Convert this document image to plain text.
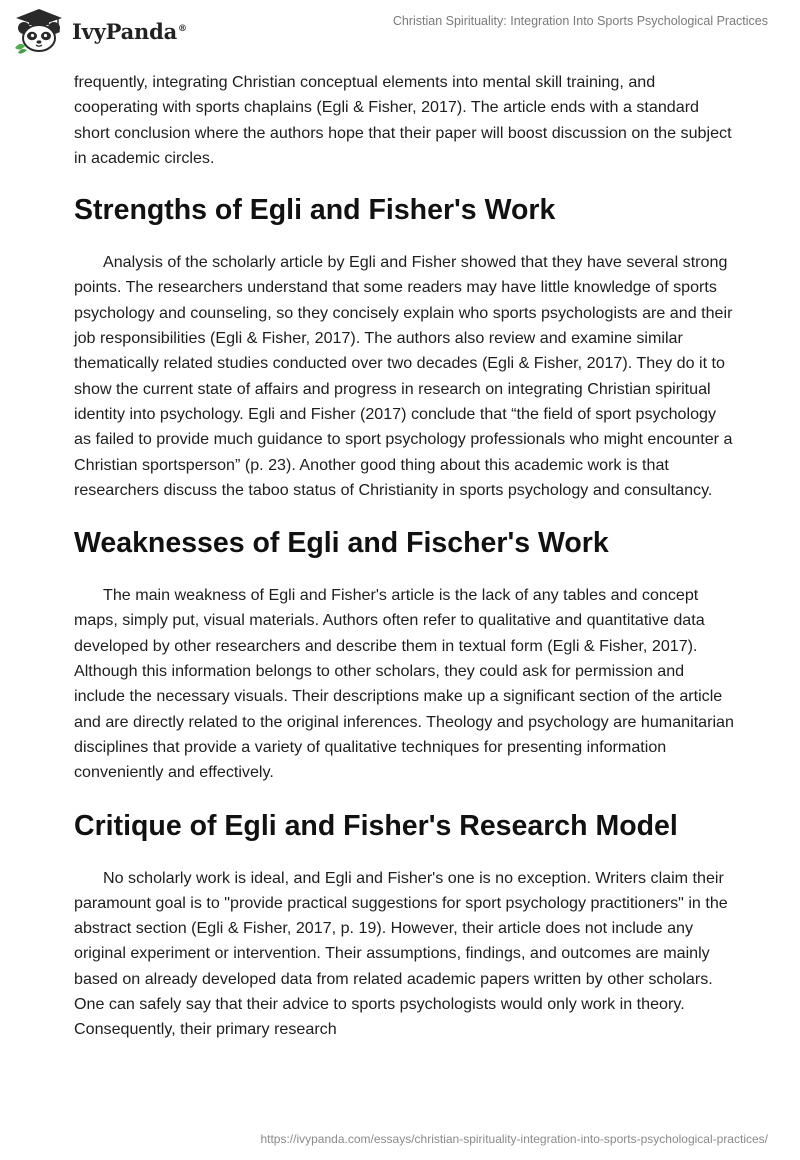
IvyPanda®
Christian Spirituality: Integration Into Sports Psychological Practices

frequently, integrating Christian conceptual elements into mental skill training, and cooperating with sports chaplains (Egli & Fisher, 2017). The article ends with a standard short conclusion where the authors hope that their paper will boost discussion on the subject in academic circles.

Strengths of Egli and Fisher's Work

Analysis of the scholarly article by Egli and Fisher showed that they have several strong points. The researchers understand that some readers may have little knowledge of sports psychology and counseling, so they concisely explain who sports psychologists are and their job responsibilities (Egli & Fisher, 2017). The authors also review and examine similar thematically related studies conducted over two decades (Egli & Fisher, 2017). They do it to show the current state of affairs and progress in research on integrating Christian spiritual identity into psychology. Egli and Fisher (2017) conclude that “the field of sport psychology as failed to provide much guidance to sport psychology professionals who might encounter a Christian sportsperson” (p. 23). Another good thing about this academic work is that researchers discuss the taboo status of Christianity in sports psychology and consultancy.

Weaknesses of Egli and Fischer's Work

The main weakness of Egli and Fisher's article is the lack of any tables and concept maps, simply put, visual materials. Authors often refer to qualitative and quantitative data developed by other researchers and describe them in textual form (Egli & Fisher, 2017). Although this information belongs to other scholars, they could ask for permission and include the necessary visuals. Their descriptions make up a significant section of the article and are directly related to the original inferences. Theology and psychology are humanitarian disciplines that provide a variety of qualitative techniques for presenting information conveniently and effectively.

Critique of Egli and Fisher's Research Model

No scholarly work is ideal, and Egli and Fisher's one is no exception. Writers claim their paramount goal is to "provide practical suggestions for sport psychology practitioners" in the abstract section (Egli & Fisher, 2017, p. 19). However, their article does not include any original experiment or intervention. Their assumptions, findings, and outcomes are mainly based on already developed data from related academic papers written by other scholars. One can safely say that their advice to sports psychologists would only work in theory. Consequently, their primary research

https://ivypanda.com/essays/christian-spirituality-integration-into-sports-psychological-practices/
